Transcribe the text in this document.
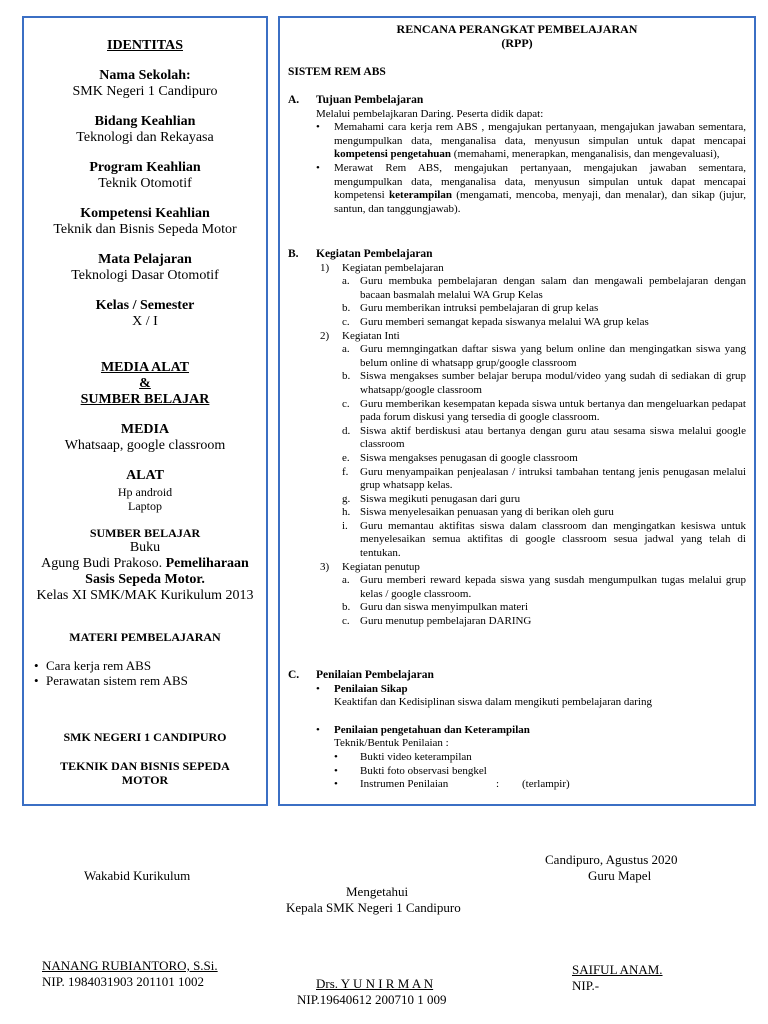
IDENTITAS
Nama Sekolah:
SMK Negeri 1 Candipuro
Bidang Keahlian
Teknologi dan Rekayasa
Program Keahlian
Teknik Otomotif
Kompetensi Keahlian
Teknik dan Bisnis Sepeda Motor
Mata Pelajaran
Teknologi Dasar Otomotif
Kelas / Semester
X / I
MEDIA ALAT
&
SUMBER BELAJAR
MEDIA
Whatsaap, google classroom
ALAT
Hp android
Laptop
SUMBER BELAJAR
Buku
Agung Budi Prakoso. Pemeliharaan
Sasis Sepeda Motor.
Kelas XI SMK/MAK Kurikulum 2013
MATERI PEMBELAJARAN
• Cara kerja rem ABS
• Perawatan sistem rem ABS
SMK NEGERI 1 CANDIPURO
TEKNIK DAN BISNIS SEPEDA
MOTOR
RENCANA PERANGKAT PEMBELAJARAN
(RPP)
SISTEM REM ABS
A.	Tujuan Pembelajaran
Melalui pembelajkaran Daring. Peserta didik dapat:
•	Memahami cara kerja rem ABS , mengajukan pertanyaan, mengajukan jawaban sementara, mengumpulkan data, menganalisa data, menyusun simpulan untuk dapat mencapai kompetensi pengetahuan (memahami, menerapkan, menganalisis, dan mengevaluasi),
•	Merawat Rem ABS, mengajukan pertanyaan, mengajukan jawaban sementara, mengumpulkan data, menganalisa data, menyusun simpulan untuk dapat mencapai kompetensi keterampilan (mengamati, mencoba, menyaji, dan menalar), dan sikap (jujur, santun, dan tanggungjawab).
B.	Kegiatan Pembelajaran
1)	Kegiatan pembelajaran
a. Guru membuka pembelajaran dengan salam dan mengawali pembelajaran dengan bacaan basmalah melalui WA Grup Kelas
b. Guru memberikan intruksi pembelajaran di grup kelas
c. Guru memberi semangat kepada siswanya melalui WA grup kelas
2)	Kegiatan Inti
a. Guru memngingatkan daftar siswa yang belum online dan mengingatkan siswa yang belum online di whatsapp grup/google classroom
b. Siswa mengakses sumber belajar berupa modul/video yang sudah di sediakan di grup whatsapp/google classroom
c. Guru memberikan kesempatan kepada siswa untuk bertanya dan mengeluarkan pedapat pada forum diskusi yang tersedia di google classroom.
d. Siswa aktif berdiskusi atau bertanya dengan guru atau sesama siswa melalui google classroom
e. Siswa mengakses penugasan di google classroom
f.	Guru menyampaikan penjealasan / intruksi tambahan tentang jenis penugasan melalui grup whatsapp kelas.
g. Siswa megikuti penugasan dari guru
h. Siswa menyelesaikan penuasan yang di berikan oleh guru
i.	Guru memantau aktifitas siswa dalam classroom dan mengingatkan kesiswa untuk menyelesaikan semua aktifitas di google classroom sesua jadwal yang telah di tentukan.
3)	Kegiatan penutup
a. Guru memberi reward kepada siswa yang susdah mengumpulkan tugas melalui grup kelas / google classroom.
b. Guru dan siswa menyimpulkan materi
c. Guru menutup pembelajaran DARING
C.	Penilaian Pembelajaran
•	Penilaian Sikap
Keaktifan dan Kedisiplinan siswa dalam mengikuti pembelajaran daring
•	Penilaian pengetahuan dan Keterampilan
Teknik/Bentuk Penilaian :
•	Bukti video keterampilan
•	Bukti foto observasi bengkel
•	Instrumen Penilaian	:	(terlampir)
Candipuro, Agustus 2020
Wakabid Kurikulum	Guru Mapel
Mengetahui
Kepala SMK Negeri 1 Candipuro
NANANG RUBIANTORO, S.Si.
NIP. 1984031903 201101 1002
SAIFUL ANAM.
NIP.-
Drs. Y U N I R M A N
NIP.19640612 200710 1 009
